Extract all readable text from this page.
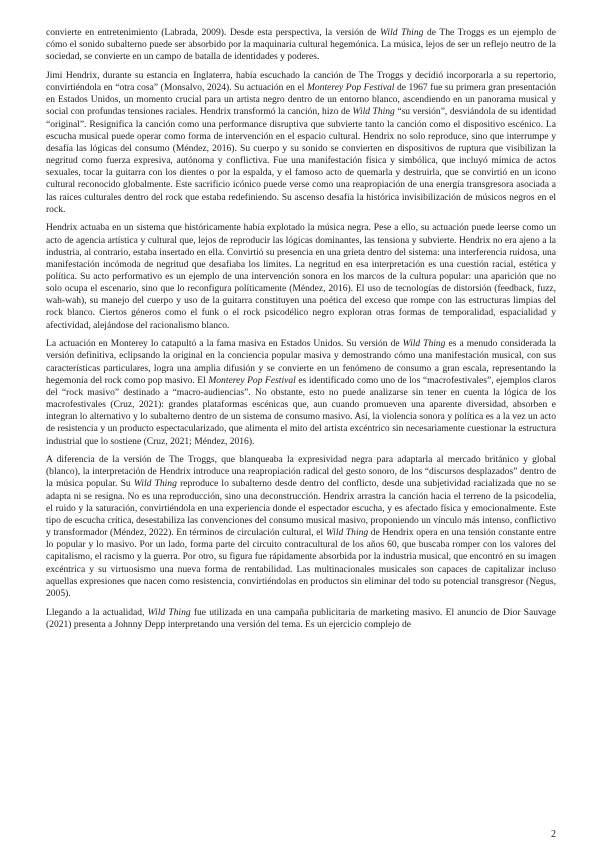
convierte en entretenimiento (Labrada, 2009). Desde esta perspectiva, la versión de Wild Thing de The Troggs es un ejemplo de cómo el sonido subalterno puede ser absorbido por la maquinaria cultural hegemónica. La música, lejos de ser un reflejo neutro de la sociedad, se convierte en un campo de batalla de identidades y poderes.

Jimi Hendrix, durante su estancia en Inglaterra, había escuchado la canción de The Troggs y decidió incorporarla a su repertorio, convirtiéndola en “otra cosa” (Monsalvo, 2024). Su actuación en el Monterey Pop Festival de 1967 fue su primera gran presentación en Estados Unidos, un momento crucial para un artista negro dentro de un entorno blanco, ascendiendo en un panorama musical y social con profundas tensiones raciales. Hendrix transformó la canción, hizo de Wild Thing “su versión”, desviándola de su identidad “original”. Resignifica la canción como una performance disruptiva que subvierte tanto la canción como el dispositivo escénico. La escucha musical puede operar como forma de intervención en el espacio cultural. Hendrix no solo reproduce, sino que interrumpe y desafía las lógicas del consumo (Méndez, 2016). Su cuerpo y su sonido se convierten en dispositivos de ruptura que visibilizan la negritud como fuerza expresiva, autónoma y conflictiva. Fue una manifestación física y simbólica, que incluyó mímica de actos sexuales, tocar la guitarra con los dientes o por la espalda, y el famoso acto de quemarla y destruirla, que se convirtió en un icono cultural reconocido globalmente. Este sacrificio icónico puede verse como una reapropiación de una energía transgresora asociada a las raíces culturales dentro del rock que estaba redefiniendo. Su ascenso desafía la histórica invisibilización de músicos negros en el rock.

Hendrix actuaba en un sistema que históricamente había explotado la música negra. Pese a ello, su actuación puede leerse como un acto de agencia artística y cultural que, lejos de reproducir las lógicas dominantes, las tensiona y subvierte. Hendrix no era ajeno a la industria, al contrario, estaba insertado en ella. Convirtió su presencia en una grieta dentro del sistema: una interferencia ruidosa, una manifestación incómoda de negritud que desafiaba los límites. La negritud en esa interpretación es una cuestión racial, estética y política. Su acto performativo es un ejemplo de una intervención sonora en los marcos de la cultura popular: una aparición que no solo ocupa el escenario, sino que lo reconfigura políticamente (Méndez, 2016). El uso de tecnologías de distorsión (feedback, fuzz, wah-wah), su manejo del cuerpo y uso de la guitarra constituyen una poética del exceso que rompe con las estructuras limpias del rock blanco. Ciertos géneros como el funk o el rock psicodélico negro exploran otras formas de temporalidad, espacialidad y afectividad, alejándose del racionalismo blanco.

La actuación en Monterey lo catapultó a la fama masiva en Estados Unidos. Su versión de Wild Thing es a menudo considerada la versión definitiva, eclipsando la original en la conciencia popular masiva y demostrando cómo una manifestación musical, con sus características particulares, logra una amplia difusión y se convierte en un fenómeno de consumo a gran escala, representando la hegemonía del rock como pop masivo. El Monterey Pop Festival es identificado como uno de los “macrofestivales”, ejemplos claros del “rock masivo” destinado a “macro-audiencias”. No obstante, esto no puede analizarse sin tener en cuenta la lógica de los macrofestivales (Cruz, 2021): grandes plataformas escénicas que, aun cuando promueven una aparente diversidad, absorben e integran lo alternativo y lo subalterno dentro de un sistema de consumo masivo. Así, la violencia sonora y política es a la vez un acto de resistencia y un producto espectacularizado, que alimenta el mito del artista excéntrico sin necesariamente cuestionar la estructura industrial que lo sostiene (Cruz, 2021; Méndez, 2016).

A diferencia de la versión de The Troggs, que blanqueaba la expresividad negra para adaptarla al mercado británico y global (blanco), la interpretación de Hendrix introduce una reapropiación radical del gesto sonoro, de los “discursos desplazados” dentro de la música popular. Su Wild Thing reproduce lo subalterno desde dentro del conflicto, desde una subjetividad racializada que no se adapta ni se resigna. No es una reproducción, sino una deconstrucción. Hendrix arrastra la canción hacia el terreno de la psicodelia, el ruido y la saturación, convirtiéndola en una experiencia donde el espectador escucha, y es afectado física y emocionalmente. Este tipo de escucha crítica, desestabiliza las convenciones del consumo musical masivo, proponiendo un vínculo más intenso, conflictivo y transformador (Méndez, 2022). En términos de circulación cultural, el Wild Thing de Hendrix opera en una tensión constante entre lo popular y lo masivo. Por un lado, forma parte del circuito contracultural de los años 60, que buscaba romper con los valores del capitalismo, el racismo y la guerra. Por otro, su figura fue rápidamente absorbida por la industria musical, que encontró en su imagen excéntrica y su virtuosismo una nueva forma de rentabilidad. Las multinacionales musicales son capaces de capitalizar incluso aquellas expresiones que nacen como resistencia, convirtiéndolas en productos sin eliminar del todo su potencial transgresor (Negus, 2005).

Llegando a la actualidad, Wild Thing fue utilizada en una campaña publicitaria de marketing masivo. El anuncio de Dior Sauvage (2021) presenta a Johnny Depp interpretando una versión del tema. Es un ejercicio complejo de

2
